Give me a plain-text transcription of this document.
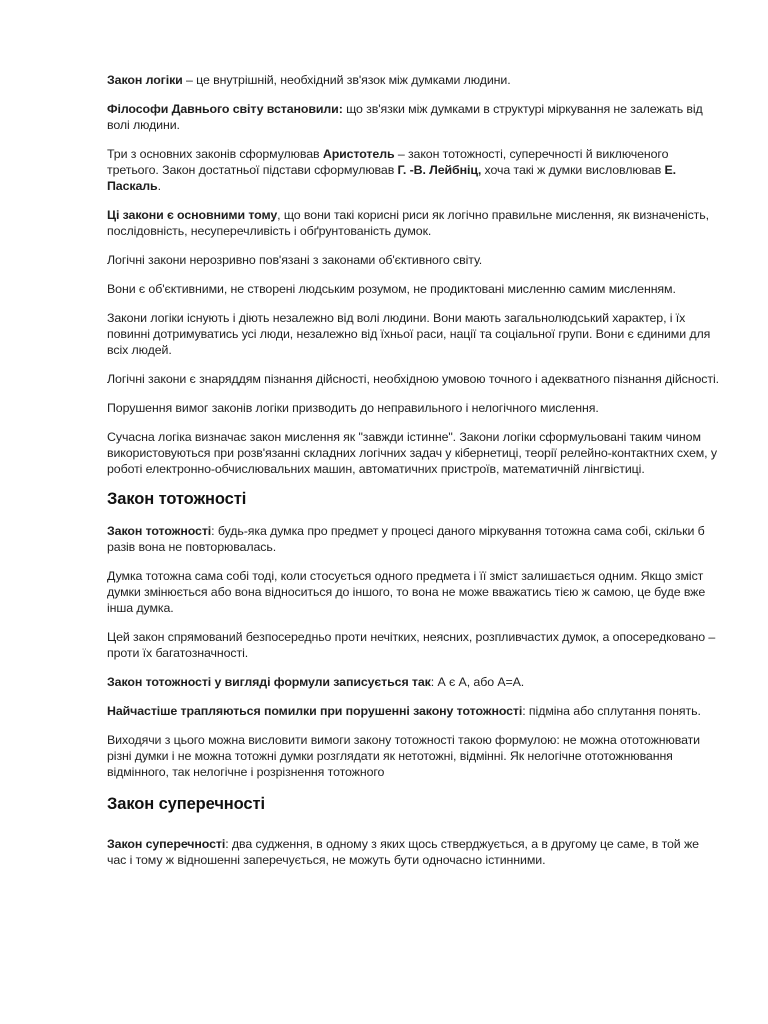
Закон логіки – це внутрішній, необхідний зв'язок між думками людини.

Філософи Давнього світу встановили: що зв'язки між думками в структурі міркування не залежать від волі людини.

Три з основних законів сформулював Аристотель – закон тотожності, суперечності й виключеного третього. Закон достатньої підстави сформулював Г. -В. Лейбніц, хоча такі ж думки висловлював Е. Паскаль.

Ці закони є основними тому, що вони такі корисні риси як логічно правильне мислення, як визначеність, послідовність, несуперечливість і обґрунтованість думок.

Логічні закони нерозривно пов'язані з законами об'єктивного світу.

Вони є об'єктивними, не створені людським розумом, не продиктовані мисленню самим мисленням.

Закони логіки існують і діють незалежно від волі людини. Вони мають загальнолюдський характер, і їх повинні дотримуватись усі люди, незалежно від їхньої раси, нації та соціальної групи. Вони є єдиними для всіх людей.

Логічні закони є знаряддям пізнання дійсності, необхідною умовою точного і адекватного пізнання дійсності.

Порушення вимог законів логіки призводить до неправильного і нелогічного мислення.

Сучасна логіка визначає закон мислення як "завжди істинне". Закони логіки сформульовані таким чином використовуються при розв'язанні складних логічних задач у кібернетиці, теорії релейно-контактних схем, у роботі електронно-обчислювальних машин, автоматичних пристроїв, математичній лінгвістиці.

Закон тотожності

Закон тотожності: будь-яка думка про предмет у процесі даного міркування тотожна сама собі, скільки б разів вона не повторювалась.

Думка тотожна сама собі тоді, коли стосується одного предмета і її зміст залишається одним. Якщо зміст думки змінюється або вона відноситься до іншого, то вона не може вважатись тією ж самою, це буде вже інша думка.

Цей закон спрямований безпосередньо проти нечітких, неясних, розпливчастих думок, а опосередковано – проти їх багатозначності.

Закон тотожності у вигляді формули записується так: А є А, або А=А.

Найчастіше трапляються помилки при порушенні закону тотожності: підміна або сплутання понять.

Виходячи з цього можна висловити вимоги закону тотожності такою формулою: не можна ототожнювати різні думки і не можна тотожні думки розглядати як нетотожні, відмінні. Як нелогічне ототожнювання відмінного, так нелогічне і розрізнення тотожного

Закон суперечності

Закон суперечності: два судження, в одному з яких щось стверджується, а в другому це саме, в той же час і тому ж відношенні заперечується, не можуть бути одночасно істинними.
